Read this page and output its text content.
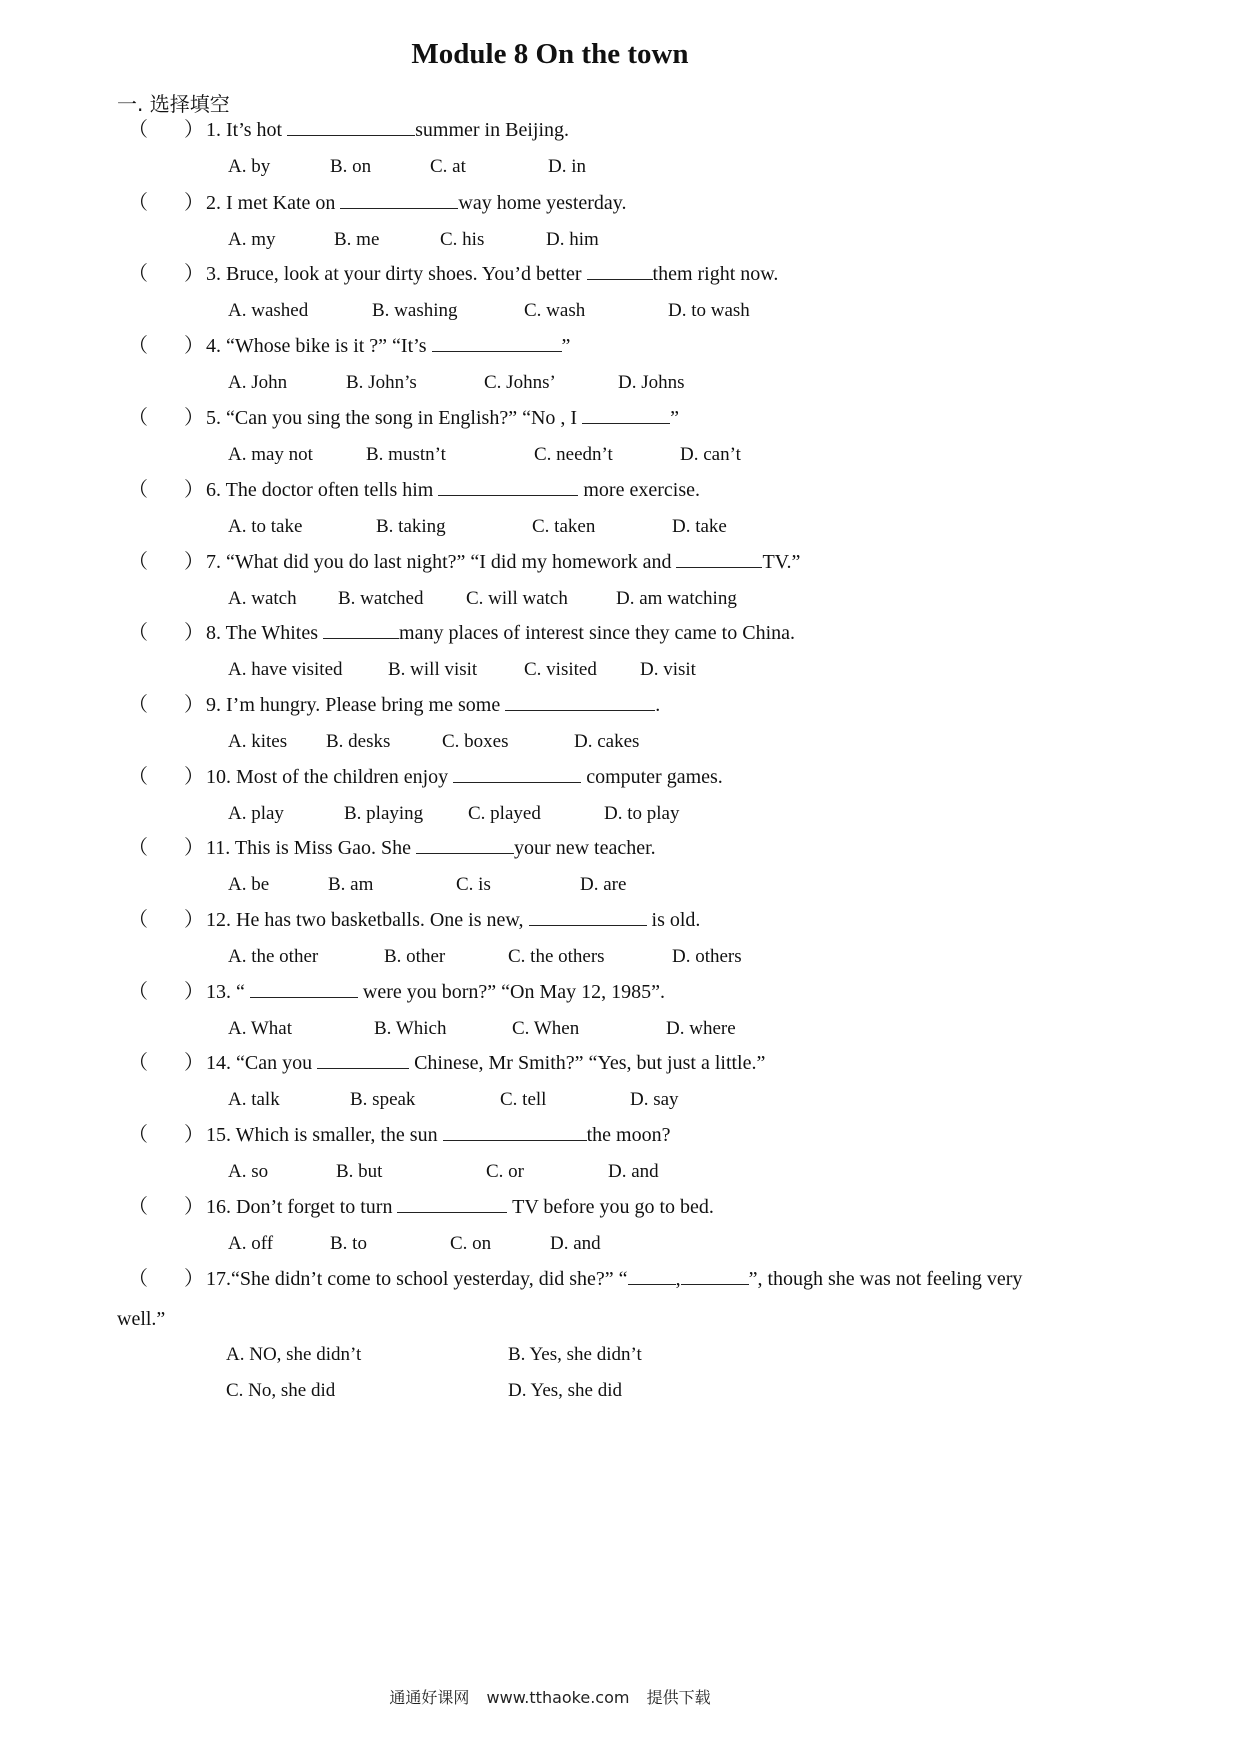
Module 8 On the town
一. 选择填空
（ ） 1. It’s hot	summer in Beijing.
A. by	B. on	C. at	D. in
（ ） 2. I met Kate on	way home yesterday.
A. my	B. me	C. his	D. him
（ ） 3. Bruce, look at your dirty shoes. You’d better	them right now.
A. washed	B. washing	C. wash	D. to wash
（ ） 4. “Whose bike is it ?” “It’s	”
A. John	B. John’s	C. Johns’	D. Johns
（ ） 5. “Can you sing the song in English?” “No , I	”
A. may not	B. mustn’t	C. needn’t	D. can’t
（ ） 6. The doctor often tells him	more exercise.
A. to take	B. taking	C. taken	D. take
（ ） 7. “What did you do last night?” “I did my homework and	TV.”
A. watch B. watched C. will watch	D. am watching
（ ） 8. The Whites	many places of interest since they came to China.
A. have visited B. will visit C. visited D. visit
（ ） 9. I’m hungry. Please bring me some	.
A. kites B. desks	C. boxes	D. cakes
（ ） 10. Most of the children enjoy	computer games.
A. play	B. playing C. played	D. to play
（ ） 11. This is Miss Gao. She	your new teacher.
A. be	B. am	C. is	D. are
（ ） 12. He has two basketballs. One is new,	is old.
A. the other	B. other	C. the others	D. others
（ ） 13. “	were you born?” “On May 12, 1985”.
A. What	B. Which	C. When	D. where
（ ） 14. “Can you	Chinese, Mr Smith?” “Yes, but just a little.”
A. talk	B. speak	C. tell	D. say
（ ） 15. Which is smaller, the sun	the moon?
A. so	B. but	C. or	D. and
（ ） 16. Don’t forget to turn	TV before you go to bed.
A. off	B. to	C. on	D. and
（ ） 17.“She didn’t come to school yesterday, did she?” “ ,	”, though she was not feeling very
well.”
A. NO, she didn’t	B. Yes, she didn’t
C. No, she did	D. Yes, she did
通通好课网 www.tthaoke.com 提供下载
